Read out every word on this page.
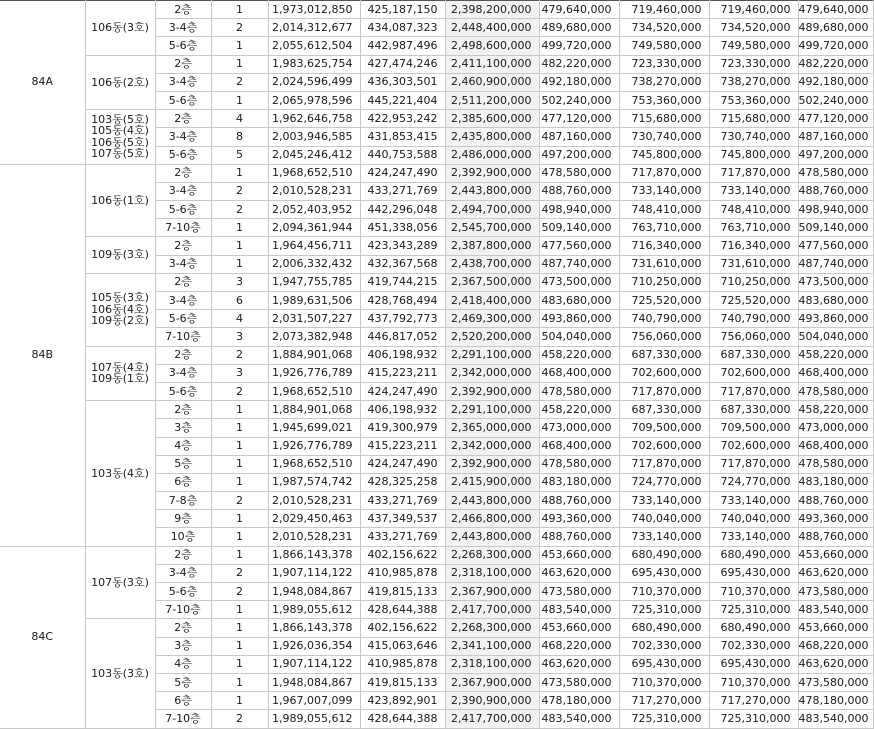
84A	106동(3호)	2층	1	1,973,012,850	425,187,150	2,398,200,000	479,640,000	719,460,000	719,460,000	479,640,000
		3-4층	2	2,014,312,677	434,087,323	2,448,400,000	489,680,000	734,520,000	734,520,000	489,680,000
		5-6층	1	2,055,612,504	442,987,496	2,498,600,000	499,720,000	749,580,000	749,580,000	499,720,000

	106동(2호)	2층	1	1,983,625,754	427,474,246	2,411,100,000	482,220,000	723,330,000	723,330,000	482,220,000
		3-4층	2	2,024,596,499	436,303,501	2,460,900,000	492,180,000	738,270,000	738,270,000	492,180,000
		5-6층	1	2,065,978,596	445,221,404	2,511,200,000	502,240,000	753,360,000	753,360,000	502,240,000

	103동(5호)
105동(4호)
106동(5호)
107동(5호)	2층	4	1,962,646,758	422,953,242	2,385,600,000	477,120,000	715,680,000	715,680,000	477,120,000
		3-4층	8	2,003,946,585	431,853,415	2,435,800,000	487,160,000	730,740,000	730,740,000	487,160,000
		5-6층	5	2,045,246,412	440,753,588	2,486,000,000	497,200,000	745,800,000	745,800,000	497,200,000
84B	106동(1호)	2층	1	1,968,652,510	424,247,490	2,392,900,000	478,580,000	717,870,000	717,870,000	478,580,000
		3-4층	2	2,010,528,231	433,271,769	2,443,800,000	488,760,000	733,140,000	733,140,000	488,760,000
		5-6층	2	2,052,403,952	442,296,048	2,494,700,000	498,940,000	748,410,000	748,410,000	498,940,000
		7-10층	1	2,094,361,944	451,338,056	2,545,700,000	509,140,000	763,710,000	763,710,000	509,140,000

	109동(3호)	2층	1	1,964,456,711	423,343,289	2,387,800,000	477,560,000	716,340,000	716,340,000	477,560,000
		3-4층	1	2,006,332,432	432,367,568	2,438,700,000	487,740,000	731,610,000	731,610,000	487,740,000

	105동(3호)
106동(4호)
109동(2호)	2층	3	1,947,755,785	419,744,215	2,367,500,000	473,500,000	710,250,000	710,250,000	473,500,000
		3-4층	6	1,989,631,506	428,768,494	2,418,400,000	483,680,000	725,520,000	725,520,000	483,680,000
		5-6층	4	2,031,507,227	437,792,773	2,469,300,000	493,860,000	740,790,000	740,790,000	493,860,000
		7-10층	3	2,073,382,948	446,817,052	2,520,200,000	504,040,000	756,060,000	756,060,000	504,040,000

	107동(4호)
109동(1호)	2층	2	1,884,901,068	406,198,932	2,291,100,000	458,220,000	687,330,000	687,330,000	458,220,000
		3-4층	3	1,926,776,789	415,223,211	2,342,000,000	468,400,000	702,600,000	702,600,000	468,400,000
		5-6층	2	1,968,652,510	424,247,490	2,392,900,000	478,580,000	717,870,000	717,870,000	478,580,000

	103동(4호)	2층	1	1,884,901,068	406,198,932	2,291,100,000	458,220,000	687,330,000	687,330,000	458,220,000
		3층	1	1,945,699,021	419,300,979	2,365,000,000	473,000,000	709,500,000	709,500,000	473,000,000
		4층	1	1,926,776,789	415,223,211	2,342,000,000	468,400,000	702,600,000	702,600,000	468,400,000
		5층	1	1,968,652,510	424,247,490	2,392,900,000	478,580,000	717,870,000	717,870,000	478,580,000
		6층	1	1,987,574,742	428,325,258	2,415,900,000	483,180,000	724,770,000	724,770,000	483,180,000
		7-8층	2	2,010,528,231	433,271,769	2,443,800,000	488,760,000	733,140,000	733,140,000	488,760,000
		9층	1	2,029,450,463	437,349,537	2,466,800,000	493,360,000	740,040,000	740,040,000	493,360,000
		10층	1	2,010,528,231	433,271,769	2,443,800,000	488,760,000	733,140,000	733,140,000	488,760,000
84C	107동(3호)	2층	1	1,866,143,378	402,156,622	2,268,300,000	453,660,000	680,490,000	680,490,000	453,660,000
		3-4층	2	1,907,114,122	410,985,878	2,318,100,000	463,620,000	695,430,000	695,430,000	463,620,000
		5-6층	2	1,948,084,867	419,815,133	2,367,900,000	473,580,000	710,370,000	710,370,000	473,580,000
		7-10층	1	1,989,055,612	428,644,388	2,417,700,000	483,540,000	725,310,000	725,310,000	483,540,000

	103동(3호)	2층	1	1,866,143,378	402,156,622	2,268,300,000	453,660,000	680,490,000	680,490,000	453,660,000
		3층	1	1,926,036,354	415,063,646	2,341,100,000	468,220,000	702,330,000	702,330,000	468,220,000
		4층	1	1,907,114,122	410,985,878	2,318,100,000	463,620,000	695,430,000	695,430,000	463,620,000
		5층	1	1,948,084,867	419,815,133	2,367,900,000	473,580,000	710,370,000	710,370,000	473,580,000
		6층	1	1,967,007,099	423,892,901	2,390,900,000	478,180,000	717,270,000	717,270,000	478,180,000
		7-10층	2	1,989,055,612	428,644,388	2,417,700,000	483,540,000	725,310,000	725,310,000	483,540,000
